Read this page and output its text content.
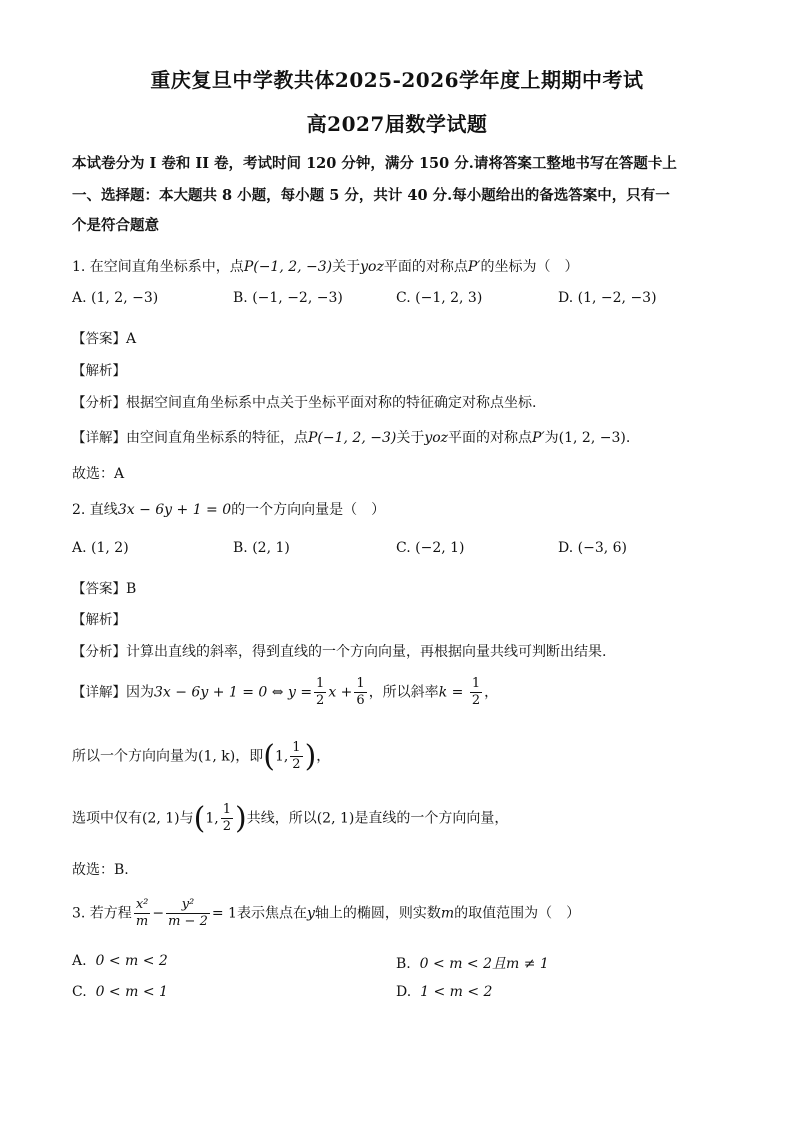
重庆复旦中学教共体2025-2026学年度上期期中考试
高2027届数学试题
本试卷分为 I 卷和 II 卷，考试时间 120 分钟，满分 150 分.请将答案工整地书写在答题卡上
一、选择题：本大题共 8 小题，每小题 5 分，共计 40 分.每小题给出的备选答案中，只有一
个是符合题意
1. 在空间直角坐标系中，点P(−1, 2, −3)关于yoz平面的对称点P′的坐标为（　）
A. (1, 2, −3)	B. (−1, −2, −3)	C. (−1, 2, 3)	D. (1, −2, −3)
【答案】A
【解析】
【分析】根据空间直角坐标系中点关于坐标平面对称的特征确定对称点坐标.
【详解】由空间直角坐标系的特征，点P(−1, 2, −3)关于yoz平面的对称点P′为(1, 2, −3).
故选：A
2. 直线3x − 6y + 1 = 0的一个方向向量是（　）
A. (1, 2)	B. (2, 1)	C. (−2, 1)	D. (−3, 6)
【答案】B
【解析】
【分析】计算出直线的斜率，得到直线的一个方向向量，再根据向量共线可判断出结果.
【详解】因为3x − 6y + 1 = 0 ⇔ $y = \frac{1}{2}$ $x + \frac{1}{6}$ ，所以斜率$k = \frac{1}{2}$ ，
所以一个方向向量为(1, k)，即(1, $\frac{1}{2}$ )，
选项中仅有(2, 1)与(1, $\frac{1}{2}$ )共线，所以(2, 1)是直线的一个方向向量，
故选：B.
3. 若方程 $\frac{\text{x²}}{m} - \frac{\text{y²}}{m - 2} = 1$表示焦点在y轴上的椭圆，则实数m的取值范围为（　）
A. 0 < m < 2	B. 0 < m < 2且m ≠ 1
C. 0 < m < 1	D. 1 < m < 2
